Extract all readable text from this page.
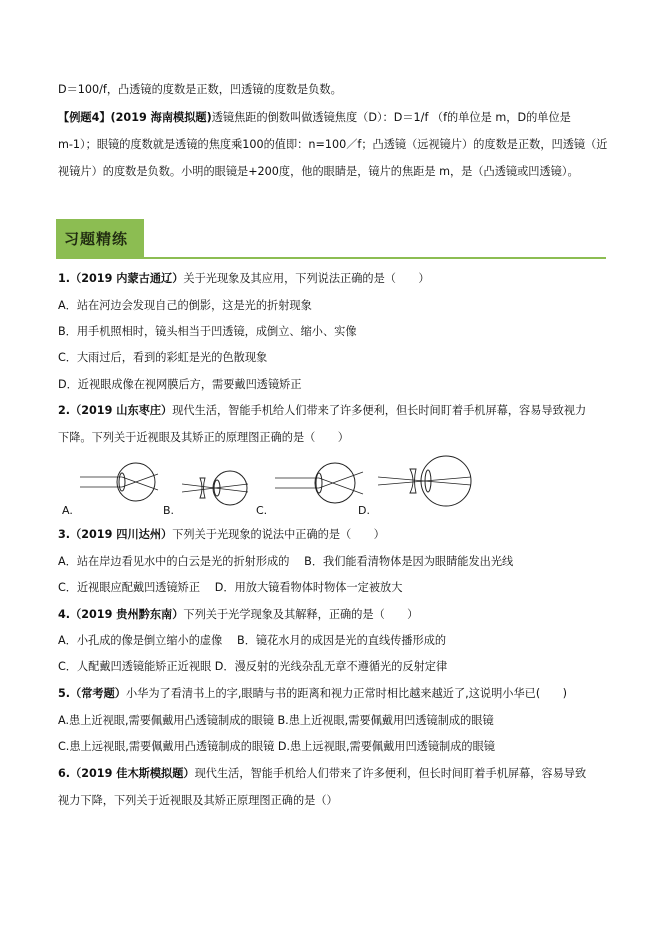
D＝100/f，凸透镜的度数是正数，凹透镜的度数是负数。
【例题4】(2019 海南模拟题)透镜焦距的倒数叫做透镜焦度（D）：D＝1/f （f的单位是 m，D的单位是
m-1）；眼镜的度数就是透镜的焦度乘100的值即：n=100／f；凸透镜（远视镜片）的度数是正数，凹透镜（近
视镜片）的度数是负数。小明的眼镜是+200度，他的眼睛是，镜片的焦距是 m，是（凸透镜或凹透镜）。
习题精练
1.（2019 内蒙古通辽）关于光现象及其应用，下列说法正确的是（　　）
A．站在河边会发现自己的倒影，这是光的折射现象
B．用手机照相时，镜头相当于凹透镜，成倒立、缩小、实像
C．大雨过后，看到的彩虹是光的色散现象
D．近视眼成像在视网膜后方，需要戴凹透镜矫正
2.（2019 山东枣庄）现代生活，智能手机给人们带来了许多便利，但长时间盯着手机屏幕，容易导致视力
下降。下列关于近视眼及其矫正的原理图正确的是（　　）
A.	B.	C.	D.
3.（2019 四川达州）下列关于光现象的说法中正确的是（　　）
A．站在岸边看见水中的白云是光的折射形成的　 B．我们能看清物体是因为眼睛能发出光线
C．近视眼应配戴凹透镜矫正　 D．用放大镜看物体时物体一定被放大
4.（2019 贵州黔东南）下列关于光学现象及其解释，正确的是（　　）
A．小孔成的像是倒立缩小的虚像　 B．镜花水月的成因是光的直线传播形成的
C．人配戴凹透镜能矫正近视眼 D．漫反射的光线杂乱无章不遵循光的反射定律
5.（常考题）小华为了看清书上的字,眼睛与书的距离和视力正常时相比越来越近了,这说明小华已(　　)
A.患上近视眼,需要佩戴用凸透镜制成的眼镜 B.患上近视眼,需要佩戴用凹透镜制成的眼镜
C.患上远视眼,需要佩戴用凸透镜制成的眼镜 D.患上远视眼,需要佩戴用凹透镜制成的眼镜
6.（2019 佳木斯模拟题）现代生活，智能手机给人们带来了许多便利，但长时间盯着手机屏幕，容易导致
视力下降，下列关于近视眼及其矫正原理图正确的是（）
